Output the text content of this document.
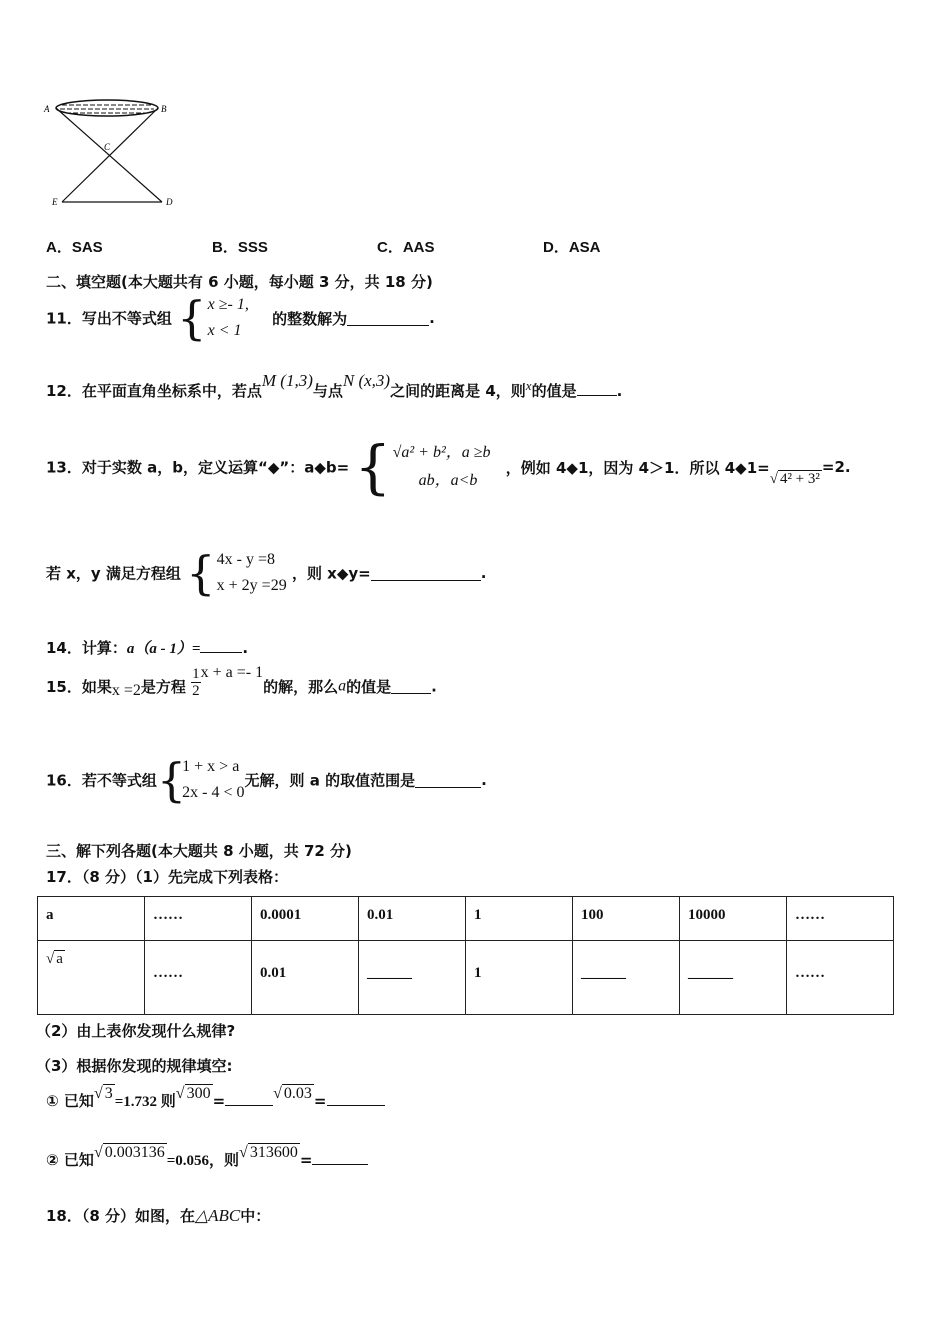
A	B
C
E	D
A．SAS	B．SSS	C．AAS	D．ASA
二、填空题(本大题共有 6 小题，每小题 3 分，共 18 分)
11．写出不等式组 { x ≥- 1,
x < 1 的整数解为	.
12．在平面直角坐标系中，若点M (1,3)与点N (x,3)之间的距离是 4，则x的值是	.
13．对于实数 a，b，定义运算“◆”：a◆b= { √a² + b²，a ≥b
ab，a<b ，例如 4◆1，因为 4＞1．所以 4◆1=√ 4² + 3²=2.
若 x，y 满足方程组 { 4x - y =8
x + 2y =29 ，则 x◆y=	.
14．计算：a（a - 1）=	.
15．如果x =2是方程 $\frac{1}{2}$ x + a =- 1的解，那么a的值是	.
16．若不等式组{1 + x > a
2x - 4 < 0无解，则 a 的取值范围是	.
三、解下列各题(本大题共 8 小题，共 72 分)
17．（8 分）（1）先完成下列表格：
a	……	0.0001	0.01	1	100	10000	……
√ a	……	0.01	______	1	______	______	……
（2）由上表你发现什么规律?
（3）根据你发现的规律填空:
① 已知√ 3 =1.732 则√ 300 =	√ 0.03 =
② 已知√ 0.003136 =0.056，则√ 313600 =
18．（8 分）如图，在△ABC中：
